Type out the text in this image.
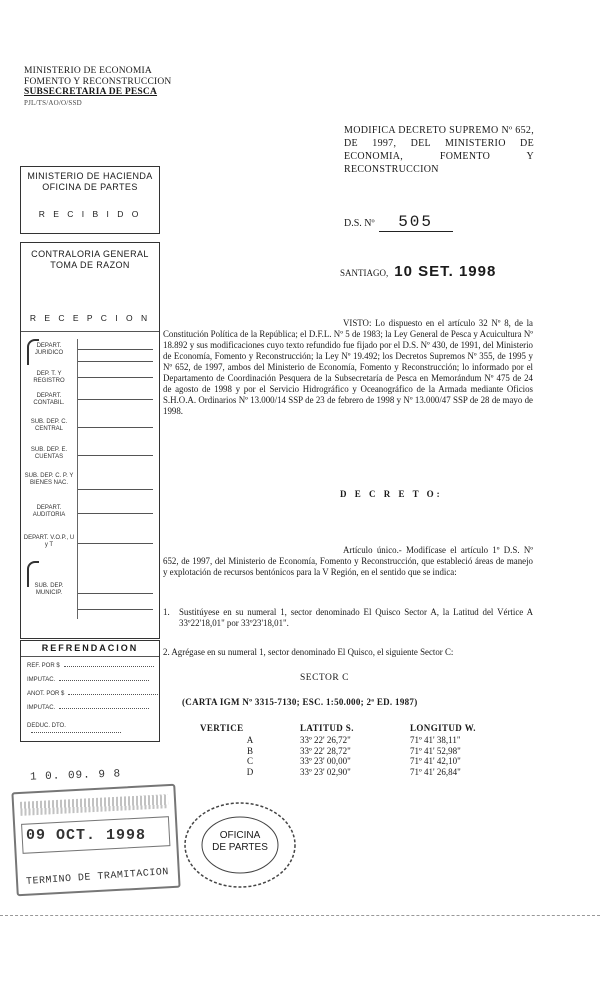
MINISTERIO DE ECONOMIA
FOMENTO Y RECONSTRUCCION
SUBSECRETARIA DE PESCA
PJL/TS/AO/O/SSD
MODIFICA DECRETO SUPREMO Nº 652, DE 1997, DEL MINISTERIO DE ECONOMIA, FOMENTO Y RECONSTRUCCION
D.S. Nº 505
SANTIAGO, 10 SET. 1998
VISTO: Lo dispuesto en el artículo 32 Nº 8, de la Constitución Política de la República; el D.F.L. Nº 5 de 1983; la Ley General de Pesca y Acuicultura Nº 18.892 y sus modificaciones cuyo texto refundido fue fijado por el D.S. Nº 430, de 1991, del Ministerio de Economía, Fomento y Reconstrucción; la Ley Nº 19.492; los Decretos Supremos Nº 355, de 1995 y Nº 652, de 1997, ambos del Ministerio de Economía, Fomento y Reconstrucción; lo informado por el Departamento de Coordinación Pesquera de la Subsecretaría de Pesca en Memorándum Nº 475 de 24 de agosto de 1998 y por el Servicio Hidrográfico y Oceanográfico de la Armada mediante Oficios S.H.O.A. Ordinarios Nº 13.000/14 SSP de 23 de febrero de 1998 y Nº 13.000/47 SSP de 28 de mayo de 1998.
D E C R E T O:
Artículo único.- Modifícase el artículo 1º D.S. Nº 652, de 1997, del Ministerio de Economía, Fomento y Reconstrucción, que estableció áreas de manejo y explotación de recursos bentónicos para la V Región, en el sentido que se indica:
1. Sustitúyese en su numeral 1, sector denominado El Quisco Sector A, la Latitud del Vértice A 33º22'18,01" por 33º23'18,01".
2. Agrégase en su numeral 1, sector denominado El Quisco, el siguiente Sector C:
SECTOR C
(CARTA IGM Nº 3315-7130; ESC. 1:50.000; 2ª ED. 1987)
VERTICE	LATITUD S.	LONGITUD W.
A	33º 22' 26,72"	71º 41' 38,11"
B	33º 22' 28,72"	71º 41' 52,98"
C	33º 23' 00,00"	71º 41' 42,10"
D	33º 23' 02,90"	71º 41' 26,84"
MINISTERIO DE HACIENDA
OFICINA DE PARTES
R E C I B I D O
CONTRALORIA GENERAL
TOMA DE RAZON
R E C E P C I O N
DEPART. JURIDICO
DEP. T. Y REGISTRO
DEPART. CONTABIL.
SUB. DEP. C. CENTRAL
SUB. DEP. E. CUENTAS
SUB. DEP. C. P. Y BIENES NAC.
DEPART. AUDITORIA
DEPART. V.O.P., U y T
SUB. DEP. MUNICIP.
REFRENDACION
REF. POR $
IMPUTAC.
ANOT. POR $
IMPUTAC.
DEDUC. DTO.
1 0. 09. 9 8
09 OCT. 1998
TERMINO DE TRAMITACION
OFICINA
DE PARTES
